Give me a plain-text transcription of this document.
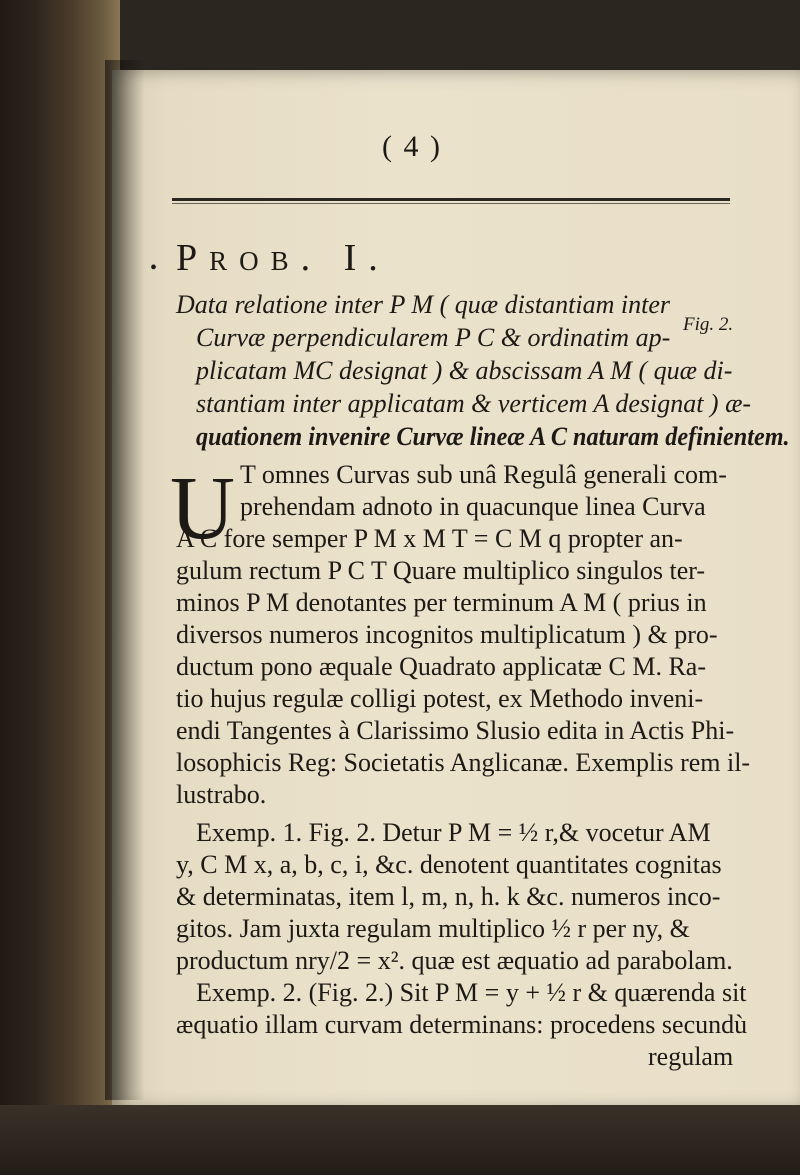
( 4 )
• Prob. I.
Fig. 2.
Data relatione inter P M ( quæ distantiam inter
Curvæ perpendicularem P C & ordinatim ap-
plicatam MC designat ) & abscissam A M ( quæ di-
stantiam inter applicatam & verticem A designat ) æ-
quationem invenire Curvæ lineæ A C naturam definientem.
U T omnes Curvas sub unâ Regulâ generali com-
prehendam adnoto in quacunque linea Curva
A C fore semper P M x M T = C M q propter an-
gulum rectum P C T Quare multiplico singulos ter-
minos P M denotantes per terminum A M ( prius in
diversos numeros incognitos multiplicatum ) & pro-
ductum pono æquale Quadrato applicatæ C M. Ra-
tio hujus regulæ colligi potest, ex Methodo inveni-
endi Tangentes à Clarissimo Slusio edita in Actis Phi-
losophicis Reg: Societatis Anglicanæ. Exemplis rem il-
lustrabo.
Exemp. 1. Fig. 2. Detur P M = ½ r,& vocetur AM
y, C M x, a, b, c, i, &c. denotent quantitates cognitas
& determinatas, item l, m, n, h. k &c. numeros inco-
gitos. Jam juxta regulam multiplico ½ r per ny, &
productum nry/2 = x². quæ est æquatio ad parabolam.
Exemp. 2. (Fig. 2.) Sit P M = y + ½ r & quærenda sit
æquatio illam curvam determinans: procedens secundù
regulam
